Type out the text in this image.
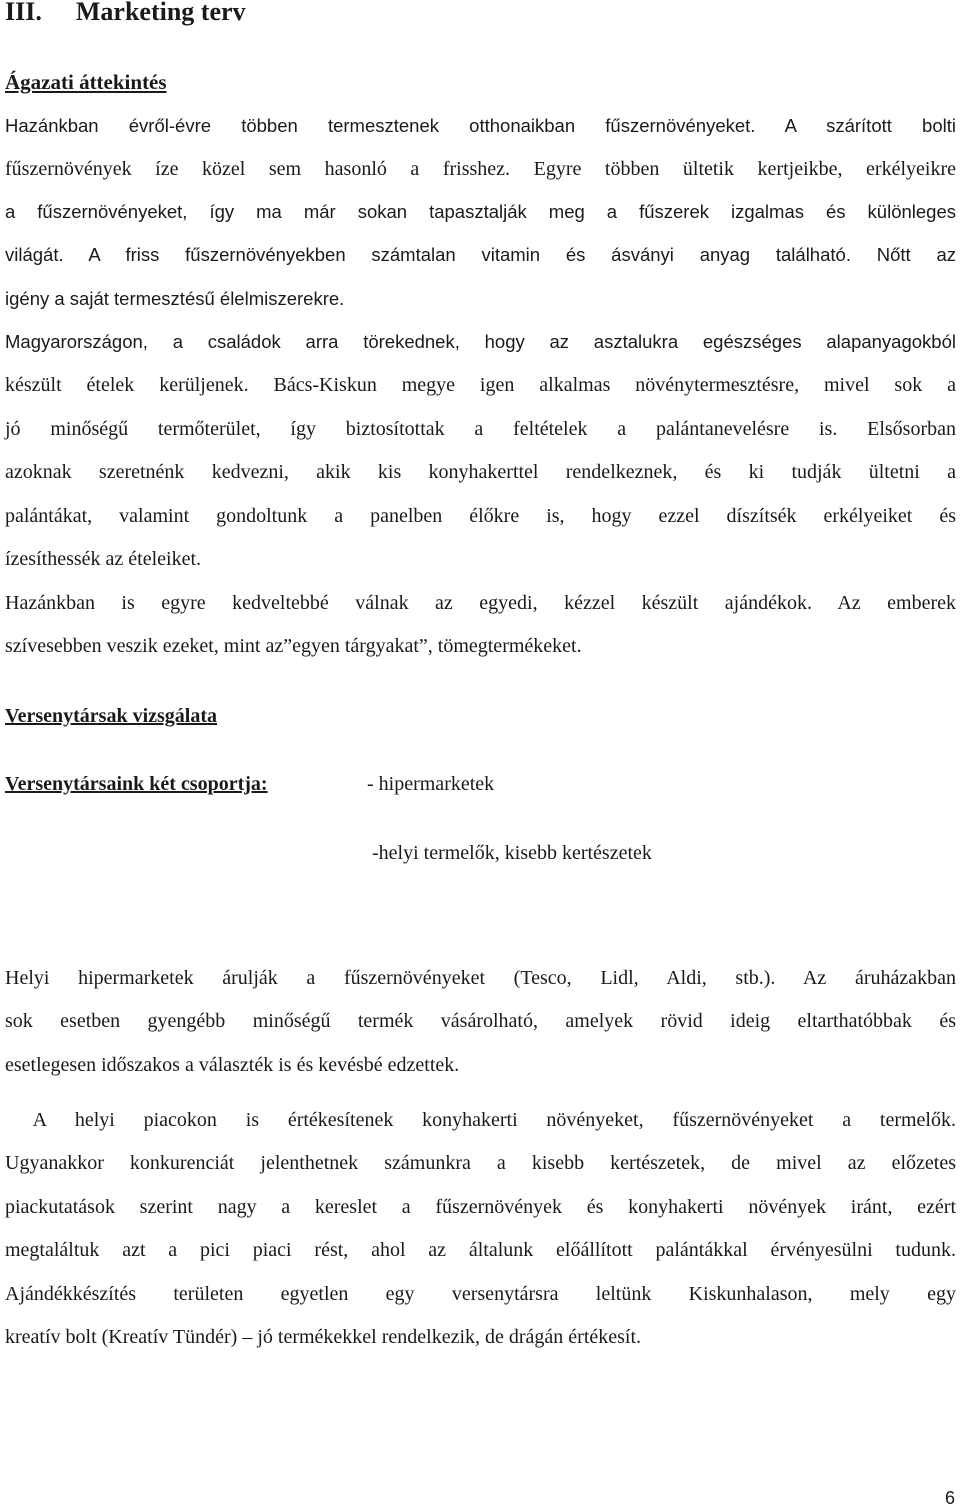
III. Marketing terv
Ágazati áttekintés
Hazánkban évről-évre többen termesztenek otthonaikban fűszernövényeket. A szárított bolti
fűszernövények íze közel sem hasonló a frisshez. Egyre többen ültetik kertjeikbe, erkélyeikre
a fűszernövényeket, így ma már sokan tapasztalják meg a fűszerek izgalmas és különleges
világát. A friss fűszernövényekben számtalan vitamin és ásványi anyag található. Nőtt az
igény a saját termesztésű élelmiszerekre.
Magyarországon, a családok arra törekednek, hogy az asztalukra egészséges alapanyagokból
készült ételek kerüljenek. Bács-Kiskun megye igen alkalmas növénytermesztésre, mivel sok a
jó minőségű termőterület, így biztosítottak a feltételek a palántanevelésre is. Elsősorban
azoknak szeretnénk kedvezni, akik kis konyhakerttel rendelkeznek, és ki tudják ültetni a
palántákat, valamint gondoltunk a panelben élőkre is, hogy ezzel díszítsék erkélyeiket és
ízesíthessék az ételeiket.
Hazánkban is egyre kedveltebbé válnak az egyedi, kézzel készült ajándékok. Az emberek
szívesebben veszik ezeket, mint az”egyen tárgyakat”, tömegtermékeket.
Versenytársak vizsgálata
Versenytársaink két csoportja:	- hipermarketek
-helyi termelők, kisebb kertészetek
Helyi hipermarketek árulják a fűszernövényeket (Tesco, Lidl, Aldi, stb.). Az áruházakban
sok esetben gyengébb minőségű termék vásárolható, amelyek rövid ideig eltarthatóbbak és
esetlegesen időszakos a választék is és kevésbé edzettek.
A helyi piacokon is értékesítenek konyhakerti növényeket, fűszernövényeket a termelők.
Ugyanakkor konkurenciát jelenthetnek számunkra a kisebb kertészetek, de mivel az előzetes
piackutatások szerint nagy a kereslet a fűszernövények és konyhakerti növények iránt, ezért
megtaláltuk azt a pici piaci rést, ahol az általunk előállított palántákkal érvényesülni tudunk.
Ajándékkészítés területen egyetlen egy versenytársra leltünk Kiskunhalason, mely egy
kreatív bolt (Kreatív Tündér) – jó termékekkel rendelkezik, de drágán értékesít.
6
